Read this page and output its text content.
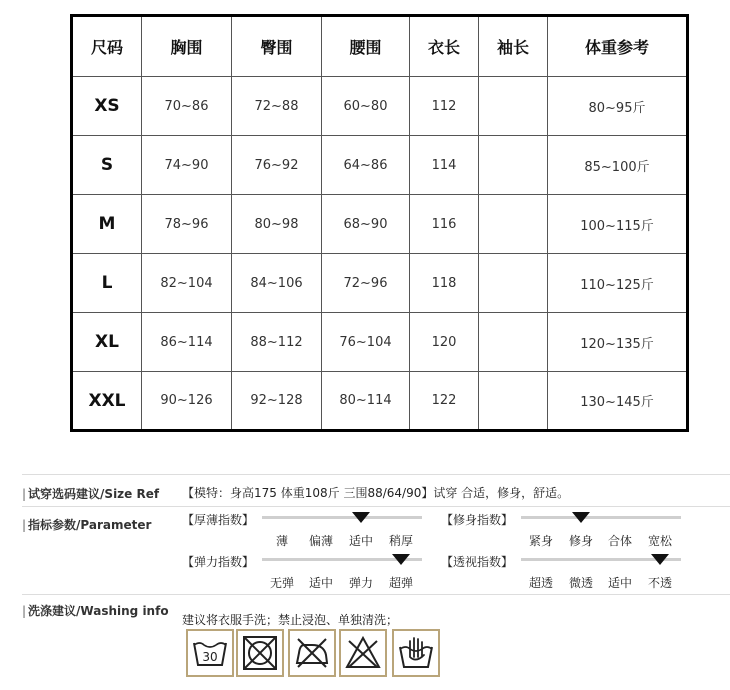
尺码	胸围	臀围	腰围	衣长	袖长	体重参考
XS	70~86	72~88	60~80	112		80~95斤
S	74~90	76~92	64~86	114		85~100斤
M	78~96	80~98	68~90	116		100~115斤
L	82~104	84~106	72~96	118		110~125斤
XL	86~114	88~112	76~104	120		120~135斤
XXL	90~126	92~128	80~114	122		130~145斤
| 试穿选码建议/Size Ref 【模特：身高175 体重108斤 三围88/64/90】试穿 合适，修身，舒适。
| 指标参数/Parameter	【厚薄指数】
薄 偏薄 适中 稍厚
【修身指数】
紧身 修身 合体 宽松
【弹力指数】
无弹 适中 弹力 超弹
【透视指数】
超透 微透 适中 不透
| 洗涤建议/Washing info
建议将衣服手洗；禁止浸泡、单独清洗；
30
